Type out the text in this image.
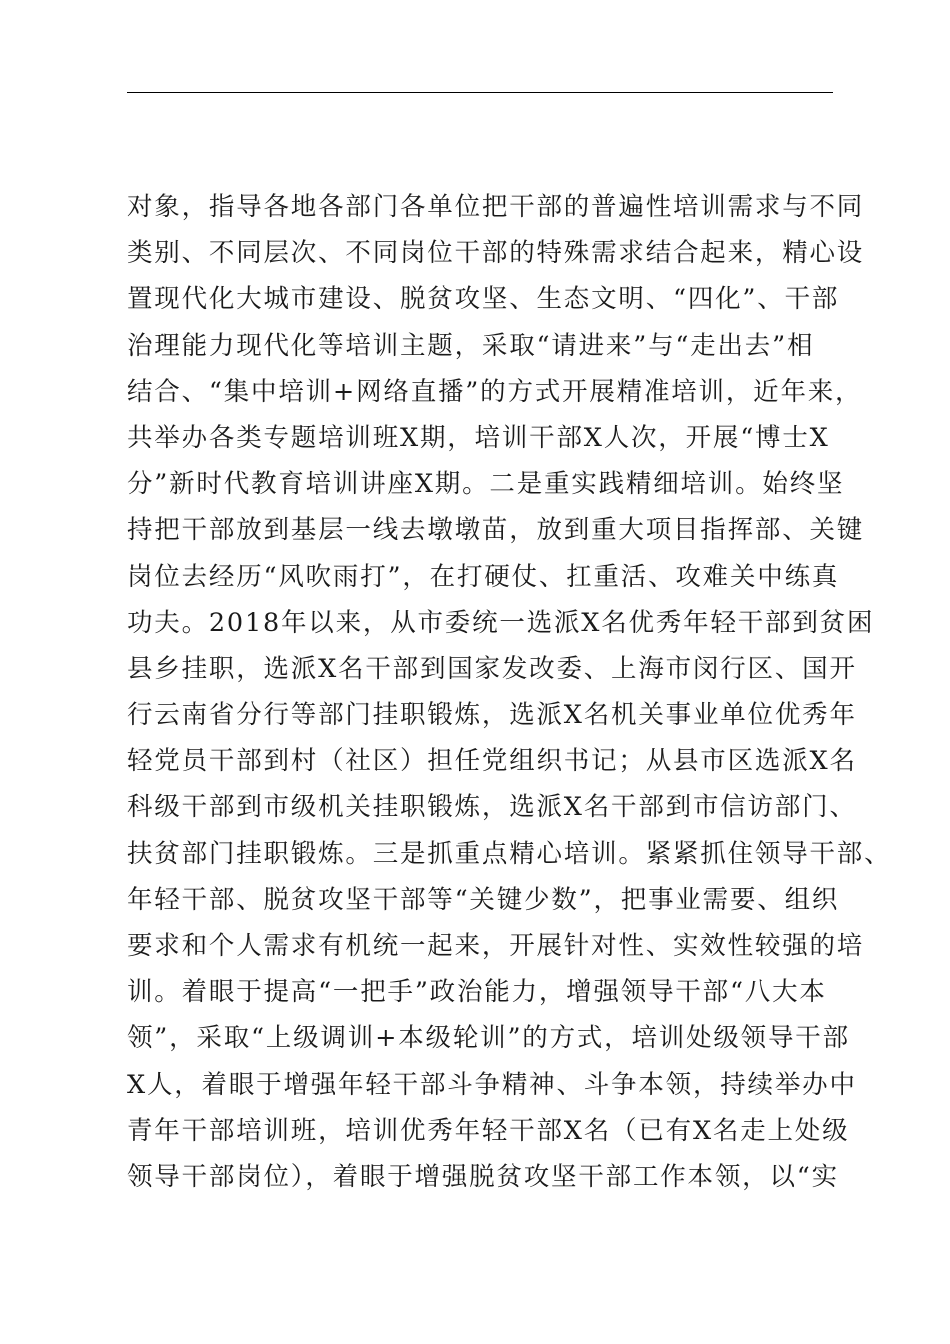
对象，指导各地各部门各单位把干部的普遍性培训需求与不同
类别、不同层次、不同岗位干部的特殊需求结合起来，精心设
置现代化大城市建设、脱贫攻坚、生态文明、“四化”、干部
治理能力现代化等培训主题，采取“请进来”与“走出去”相
结合、“集中培训+网络直播”的方式开展精准培训，近年来，
共举办各类专题培训班X期，培训干部X人次，开展“博士X
分”新时代教育培训讲座X期。二是重实践精细培训。始终坚
持把干部放到基层一线去墩墩苗，放到重大项目指挥部、关键
岗位去经历“风吹雨打”，在打硬仗、扛重活、攻难关中练真
功夫。2018年以来，从市委统一选派X名优秀年轻干部到贫困
县乡挂职，选派X名干部到国家发改委、上海市闵行区、国开
行云南省分行等部门挂职锻炼，选派X名机关事业单位优秀年
轻党员干部到村（社区）担任党组织书记；从县市区选派X名
科级干部到市级机关挂职锻炼，选派X名干部到市信访部门、
扶贫部门挂职锻炼。三是抓重点精心培训。紧紧抓住领导干部、
年轻干部、脱贫攻坚干部等“关键少数”，把事业需要、组织
要求和个人需求有机统一起来，开展针对性、实效性较强的培
训。着眼于提高“一把手”政治能力，增强领导干部“八大本
领”，采取“上级调训+本级轮训”的方式，培训处级领导干部
X人，着眼于增强年轻干部斗争精神、斗争本领，持续举办中
青年干部培训班，培训优秀年轻干部X名（已有X名走上处级
领导干部岗位），着眼于增强脱贫攻坚干部工作本领，以“实
